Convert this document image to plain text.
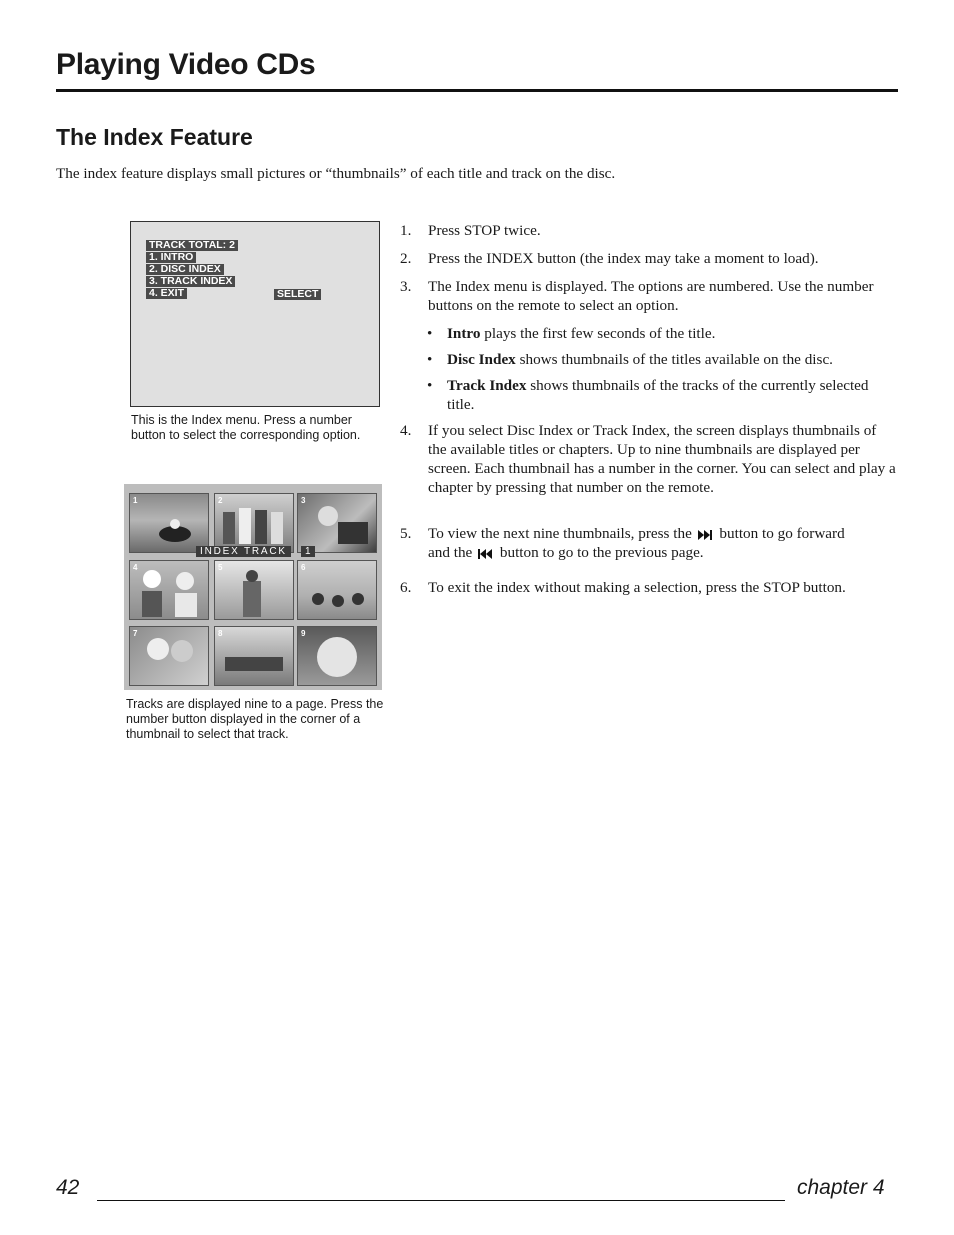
Playing Video CDs
The Index Feature
The index feature displays small pictures or “thumbnails” of each title and track on the disc.
TRACK TOTAL: 2
1. INTRO
2. DISC INDEX
3. TRACK INDEX
4. EXIT	SELECT
This is the Index menu. Press a number button to select the corresponding option.
1	2	3
INDEX TRACK	1
4	5	6
7	8	9
Tracks are displayed nine to a page. Press the number button displayed in the corner of a thumbnail to select that track.
1. Press STOP twice.
2. Press the INDEX button (the index may take a moment to load).
3. The Index menu is displayed. The options are numbered. Use the number buttons on the remote to select an option.
• Intro plays the first few seconds of the title.
• Disc Index shows thumbnails of the titles available on the disc.
• Track Index shows thumbnails of the tracks of the currently selected title.
4. If you select Disc Index or Track Index, the screen displays thumbnails of the available titles or chapters. Up to nine thumbnails are displayed per screen. Each thumbnail has a number in the corner. You can select and play a chapter by pressing that number on the remote.
5. To view the next nine thumbnails, press the button to go forward
and the button to go to the previous page.
6. To exit the index without making a selection, press the STOP button.
42	chapter 4
